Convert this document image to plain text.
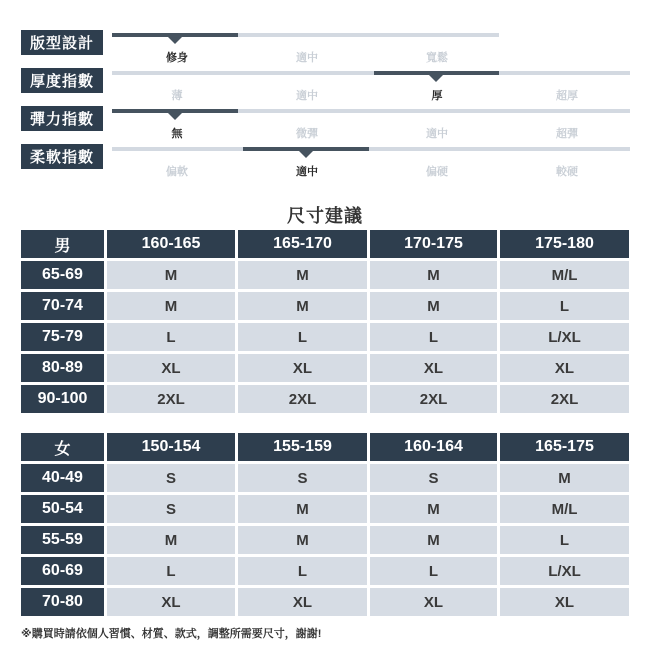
版型設計
修身	適中	寬鬆
厚度指數
薄	適中	厚	超厚
彈力指數
無	微彈	適中	超彈
柔軟指數
偏軟	適中	偏硬	較硬
尺寸建議
男	160-165	165-170	170-175	175-180
65-69	M	M	M	M/L
70-74	M	M	M	L
75-79	L	L	L	L/XL
80-89	XL	XL	XL	XL
90-100	2XL	2XL	2XL	2XL
女	150-154	155-159	160-164	165-175
40-49	S	S	S	M
50-54	S	M	M	M/L
55-59	M	M	M	L
60-69	L	L	L	L/XL
70-80	XL	XL	XL	XL
※購買時請依個人習慣、材質、款式，調整所需要尺寸，謝謝!
